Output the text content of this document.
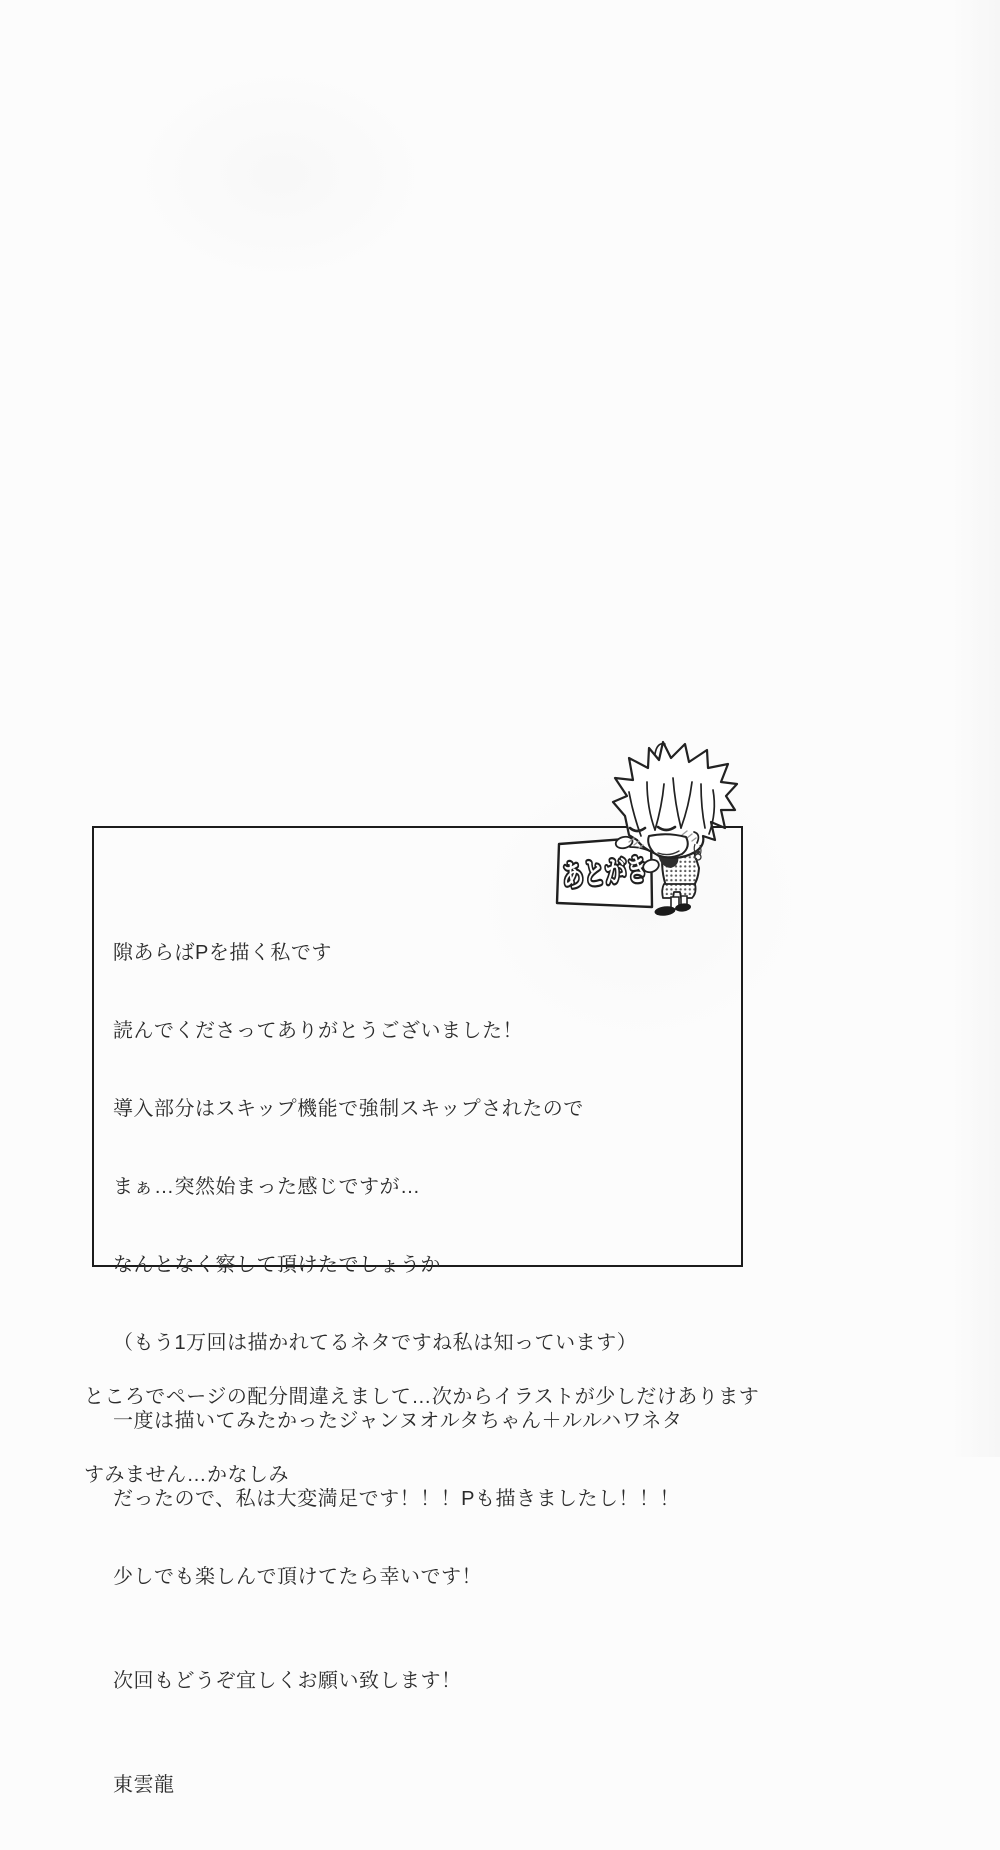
隙あらばPを描く私です

読んでくださってありがとうございました！

導入部分はスキップ機能で強制スキップされたので

まぁ…突然始まった感じですが…

なんとなく察して頂けたでしょうか

（もう1万回は描かれてるネタですね私は知っています）

一度は描いてみたかったジャンヌオルタちゃん＋ルルハワネタ

だったので、私は大変満足です！！！Pも描きましたし！！！

少しでも楽しんで頂けてたら幸いです！

次回もどうぞ宜しくお願い致します！

東雲龍

あとがき

ところでページの配分間違えまして…次からイラストが少しだけあります

すみません…かなしみ
